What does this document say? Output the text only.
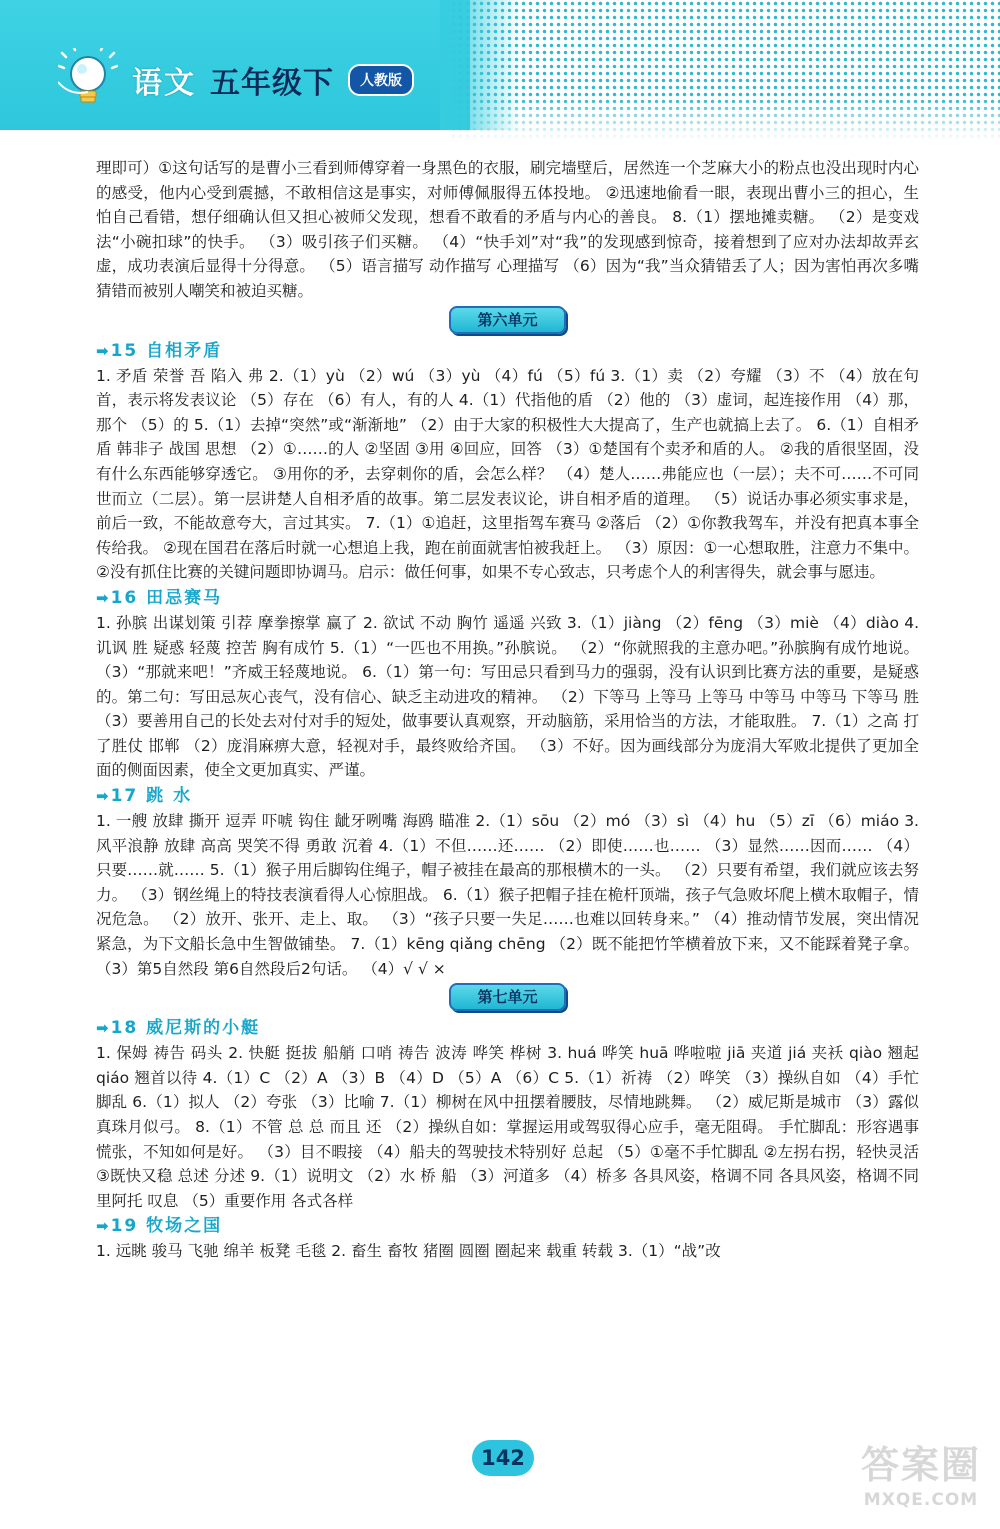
语文 五年级下	人教版

理即可）①这句话写的是曹小三看到师傅穿着一身黑色的衣服，刷完墙壁后，居然连一个芝麻大小的粉点也没出现时内心的感受，他内心受到震撼，不敢相信这是事实，对师傅佩服得五体投地。 ②迅速地偷看一眼，表现出曹小三的担心，生怕自己看错，想仔细确认但又担心被师父发现，想看不敢看的矛盾与内心的善良。 8.（1）摆地摊卖糖。 （2）是变戏法“小碗扣球”的快手。 （3）吸引孩子们买糖。 （4）“快手刘”对“我”的发现感到惊奇，接着想到了应对办法却故弄玄虚，成功表演后显得十分得意。 （5）语言描写 动作描写 心理描写 （6）因为“我”当众猜错丢了人；因为害怕再次多嘴猜错而被别人嘲笑和被迫买糖。

第六单元
➡ 15 自相矛盾

1. 矛盾 荣誉 吾 陷入 弗 2.（1）yù （2）wú （3）yù （4）fú （5）fú 3.（1）卖 （2）夸耀 （3）不 （4）放在句首，表示将发表议论 （5）存在 （6）有人，有的人 4.（1）代指他的盾 （2）他的 （3）虚词，起连接作用 （4）那，那个 （5）的 5.（1）去掉“突然”或“渐渐地” （2）由于大家的积极性大大提高了，生产也就搞上去了。 6.（1）自相矛盾 韩非子 战国 思想 （2）①……的人 ②坚固 ③用 ④回应，回答 （3）①楚国有个卖矛和盾的人。 ②我的盾很坚固，没有什么东西能够穿透它。 ③用你的矛，去穿刺你的盾，会怎么样？ （4）楚人……弗能应也（一层）；夫不可……不可同世而立（二层）。第一层讲楚人自相矛盾的故事。第二层发表议论，讲自相矛盾的道理。 （5）说话办事必须实事求是，前后一致，不能故意夸大，言过其实。 7.（1）①追赶，这里指驾车赛马 ②落后 （2）①你教我驾车，并没有把真本事全传给我。 ②现在国君在落后时就一心想追上我，跑在前面就害怕被我赶上。 （3）原因：①一心想取胜，注意力不集中。②没有抓住比赛的关键问题即协调马。启示：做任何事，如果不专心致志，只考虑个人的利害得失，就会事与愿违。

➡ 16 田忌赛马

1. 孙膑 出谋划策 引荐 摩拳擦掌 赢了 2. 欲试 不动 胸竹 遥遥 兴致 3.（1）jiàng （2）fēng （3）miè （4）diào 4. 讥讽 胜 疑惑 轻蔑 控苦 胸有成竹 5.（1）“一匹也不用换。”孙膑说。 （2）“你就照我的主意办吧。”孙膑胸有成竹地说。 （3）“那就来吧！”齐威王轻蔑地说。 6.（1）第一句：写田忌只看到马力的强弱，没有认识到比赛方法的重要，是疑惑的。第二句：写田忌灰心丧气，没有信心、缺乏主动进攻的精神。 （2）下等马 上等马 上等马 中等马 中等马 下等马 胜 （3）要善用自己的长处去对付对手的短处，做事要认真观察，开动脑筋，采用恰当的方法，才能取胜。 7.（1）之高 打了胜仗 邯郸 （2）庞涓麻痹大意，轻视对手，最终败给齐国。 （3）不好。因为画线部分为庞涓大军败北提供了更加全面的侧面因素，使全文更加真实、严谨。

➡ 17 跳 水

1. 一艘 放肆 撕开 逗弄 吓唬 钩住 龇牙咧嘴 海鸥 瞄准 2.（1）sōu （2）mó （3）sì （4）hu （5）zī （6）miáo 3. 风平浪静 放肆 高高 哭笑不得 勇敢 沉着 4.（1）不但……还…… （2）即使……也…… （3）显然……因而…… （4）只要……就…… 5.（1）猴子用后脚钩住绳子，帽子被挂在最高的那根横木的一头。 （2）只要有希望，我们就应该去努力。 （3）钢丝绳上的特技表演看得人心惊胆战。 6.（1）猴子把帽子挂在桅杆顶端，孩子气急败坏爬上横木取帽子，情况危急。 （2）放开、张开、走上、取。 （3）“孩子只要一失足……也难以回转身来。” （4）推动情节发展，突出情况紧急，为下文船长急中生智做铺垫。 7.（1）kēng qiǎng chēng （2）既不能把竹竿横着放下来，又不能踩着凳子拿。 （3）第5自然段 第6自然段后2句话。 （4）√ √ ×

第七单元
➡ 18 威尼斯的小艇

1. 保姆 祷告 码头 2. 快艇 挺拔 船艄 口哨 祷告 波涛 哗笑 桦树 3. huá 哗笑 huā 哗啦啦 jiā 夹道 jiá 夹袄 qiào 翘起 qiáo 翘首以待 4.（1）C （2）A （3）B （4）D （5）A （6）C 5.（1）祈祷 （2）哗笑 （3）操纵自如 （4）手忙脚乱 6.（1）拟人 （2）夸张 （3）比喻 7.（1）柳树在风中扭摆着腰肢，尽情地跳舞。 （2）威尼斯是城市 （3）露似真珠月似弓。 8.（1）不管 总 总 而且 还 （2）操纵自如：掌握运用或驾驭得心应手，毫无阻碍。 手忙脚乱：形容遇事慌张，不知如何是好。 （3）目不暇接 （4）船夫的驾驶技术特别好 总起 （5）①毫不手忙脚乱 ②左拐右拐，轻快灵活 ③既快又稳 总述 分述 9.（1）说明文 （2）水 桥 船 （3）河道多 （4）桥多 各具风姿，格调不同 各具风姿，格调不同 里阿托 叹息 （5）重要作用 各式各样

➡ 19 牧场之国

1. 远眺 骏马 飞驰 绵羊 板凳 毛毯 2. 畜生 畜牧 猪圈 圆圈 圈起来 载重 转载 3.（1）“战”改

142	答案圈
MXQE.COM
